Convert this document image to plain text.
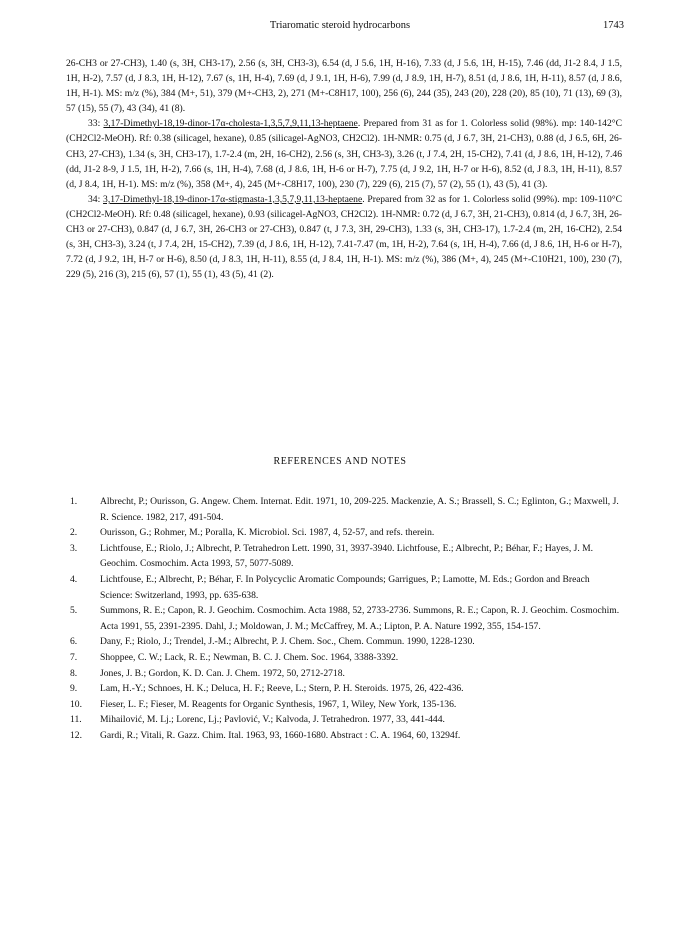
Triaromatic steroid hydrocarbons	1743

26-CH3 or 27-CH3), 1.40 (s, 3H, CH3-17), 2.56 (s, 3H, CH3-3), 6.54 (d, J 5.6, 1H, H-16), 7.33 (d, J 5.6, 1H, H-15), 7.46 (dd, J1-2 8.4, J 1.5, 1H, H-2), 7.57 (d, J 8.3, 1H, H-12), 7.67 (s, 1H, H-4), 7.69 (d, J 9.1, 1H, H-6), 7.99 (d, J 8.9, 1H, H-7), 8.51 (d, J 8.6, 1H, H-11), 8.57 (d, J 8.6, 1H, H-1). MS: m/z (%), 384 (M+, 51), 379 (M+-CH3, 2), 271 (M+-C8H17, 100), 256 (6), 244 (35), 243 (20), 228 (20), 85 (10), 71 (13), 69 (3), 57 (15), 55 (7), 43 (34), 41 (8).

33: 3,17-Dimethyl-18,19-dinor-17α-cholesta-1,3,5,7,9,11,13-heptaene. Prepared from 31 as for 1. Colorless solid (98%). mp: 140-142°C (CH2Cl2-MeOH). Rf: 0.38 (silicagel, hexane), 0.85 (silicagel-AgNO3, CH2Cl2). 1H-NMR: 0.75 (d, J 6.7, 3H, 21-CH3), 0.88 (d, J 6.5, 6H, 26-CH3, 27-CH3), 1.34 (s, 3H, CH3-17), 1.7-2.4 (m, 2H, 16-CH2), 2.56 (s, 3H, CH3-3), 3.26 (t, J 7.4, 2H, 15-CH2), 7.41 (d, J 8.6, 1H, H-12), 7.46 (dd, J1-2 8-9, J 1.5, 1H, H-2), 7.66 (s, 1H, H-4), 7.68 (d, J 8.6, 1H, H-6 or H-7), 7.75 (d, J 9.2, 1H, H-7 or H-6), 8.52 (d, J 8.3, 1H, H-11), 8.57 (d, J 8.4, 1H, H-1). MS: m/z (%), 358 (M+, 4), 245 (M+-C8H17, 100), 230 (7), 229 (6), 215 (7), 57 (2), 55 (1), 43 (5), 41 (3).

34: 3,17-Dimethyl-18,19-dinor-17α-stigmasta-1,3,5,7,9,11,13-heptaene. Prepared from 32 as for 1. Colorless solid (99%). mp: 109-110°C (CH2Cl2-MeOH). Rf: 0.48 (silicagel, hexane), 0.93 (silicagel-AgNO3, CH2Cl2). 1H-NMR: 0.72 (d, J 6.7, 3H, 21-CH3), 0.814 (d, J 6.7, 3H, 26-CH3 or 27-CH3), 0.847 (d, J 6.7, 3H, 26-CH3 or 27-CH3), 0.847 (t, J 7.3, 3H, 29-CH3), 1.33 (s, 3H, CH3-17), 1.7-2.4 (m, 2H, 16-CH2), 2.54 (s, 3H, CH3-3), 3.24 (t, J 7.4, 2H, 15-CH2), 7.39 (d, J 8.6, 1H, H-12), 7.41-7.47 (m, 1H, H-2), 7.64 (s, 1H, H-4), 7.66 (d, J 8.6, 1H, H-6 or H-7), 7.72 (d, J 9.2, 1H, H-7 or H-6), 8.50 (d, J 8.3, 1H, H-11), 8.55 (d, J 8.4, 1H, H-1). MS: m/z (%), 386 (M+, 4), 245 (M+-C10H21, 100), 230 (7), 229 (5), 216 (3), 215 (6), 57 (1), 55 (1), 43 (5), 41 (2).

REFERENCES AND NOTES
1.	Albrecht, P.; Ourisson, G. Angew. Chem. Internat. Edit. 1971, 10, 209-225. Mackenzie, A. S.; Brassell, S. C.; Eglinton, G.; Maxwell, J. R. Science. 1982, 217, 491-504.
2.	Ourisson, G.; Rohmer, M.; Poralla, K. Microbiol. Sci. 1987, 4, 52-57, and refs. therein.
3.	Lichtfouse, E.; Riolo, J.; Albrecht, P. Tetrahedron Lett. 1990, 31, 3937-3940. Lichtfouse, E.; Albrecht, P.; Béhar, F.; Hayes, J. M. Geochim. Cosmochim. Acta 1993, 57, 5077-5089.
4.	Lichtfouse, E.; Albrecht, P.; Béhar, F. In Polycyclic Aromatic Compounds; Garrigues, P.; Lamotte, M. Eds.; Gordon and Breach Science: Switzerland, 1993, pp. 635-638.
5.	Summons, R. E.; Capon, R. J. Geochim. Cosmochim. Acta 1988, 52, 2733-2736. Summons, R. E.; Capon, R. J. Geochim. Cosmochim. Acta 1991, 55, 2391-2395. Dahl, J.; Moldowan, J. M.; McCaffrey, M. A.; Lipton, P. A. Nature 1992, 355, 154-157.
6.	Dany, F.; Riolo, J.; Trendel, J.-M.; Albrecht, P. J. Chem. Soc., Chem. Commun. 1990, 1228-1230.
7.	Shoppee, C. W.; Lack, R. E.; Newman, B. C. J. Chem. Soc. 1964, 3388-3392.
8.	Jones, J. B.; Gordon, K. D. Can. J. Chem. 1972, 50, 2712-2718.
9.	Lam, H.-Y.; Schnoes, H. K.; Deluca, H. F.; Reeve, L.; Stern, P. H. Steroids. 1975, 26, 422-436.
10.	Fieser, L. F.; Fieser, M. Reagents for Organic Synthesis, 1967, 1, Wiley, New York, 135-136.
11.	Mihailović, M. Lj.; Lorenc, Lj.; Pavlović, V.; Kalvoda, J. Tetrahedron. 1977, 33, 441-444.
12.	Gardi, R.; Vitali, R. Gazz. Chim. Ital. 1963, 93, 1660-1680. Abstract : C. A. 1964, 60, 13294f.
